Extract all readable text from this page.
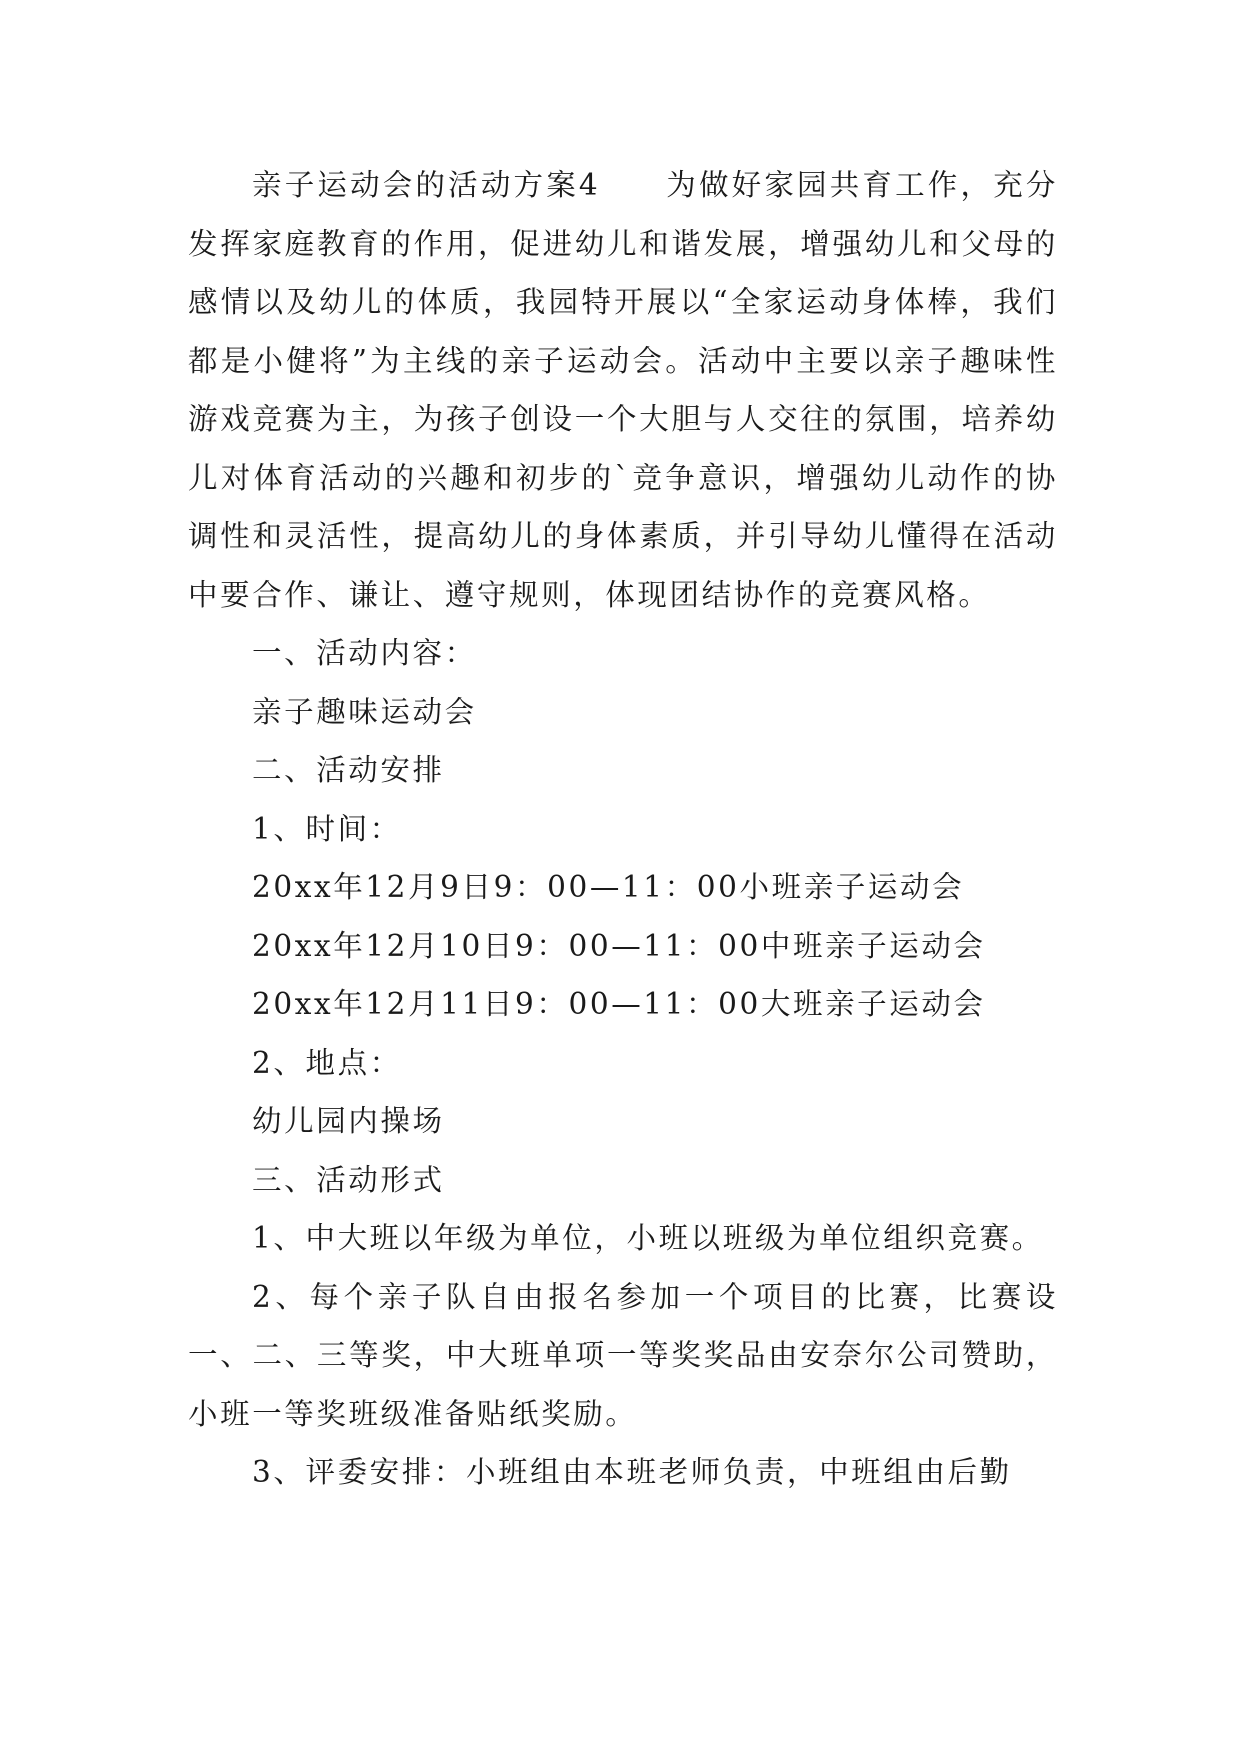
亲子运动会的活动方案4　　为做好家园共育工作，充分发挥家庭教育的作用，促进幼儿和谐发展，增强幼儿和父母的感情以及幼儿的体质，我园特开展以“全家运动身体棒，我们都是小健将”为主线的亲子运动会。活动中主要以亲子趣味性游戏竞赛为主，为孩子创设一个大胆与人交往的氛围，培养幼儿对体育活动的兴趣和初步的`竞争意识，增强幼儿动作的协调性和灵活性，提高幼儿的身体素质，并引导幼儿懂得在活动中要合作、谦让、遵守规则，体现团结协作的竞赛风格。

一、活动内容：

亲子趣味运动会

二、活动安排

1、时间：

20xx年12月9日9：00—11：00小班亲子运动会

20xx年12月10日9：00—11：00中班亲子运动会

20xx年12月11日9：00—11：00大班亲子运动会

2、地点：

幼儿园内操场

三、活动形式

1、中大班以年级为单位，小班以班级为单位组织竞赛。

2、每个亲子队自由报名参加一个项目的比赛，比赛设一、二、三等奖，中大班单项一等奖奖品由安奈尔公司赞助，小班一等奖班级准备贴纸奖励。

3、评委安排：小班组由本班老师负责，中班组由后勤
